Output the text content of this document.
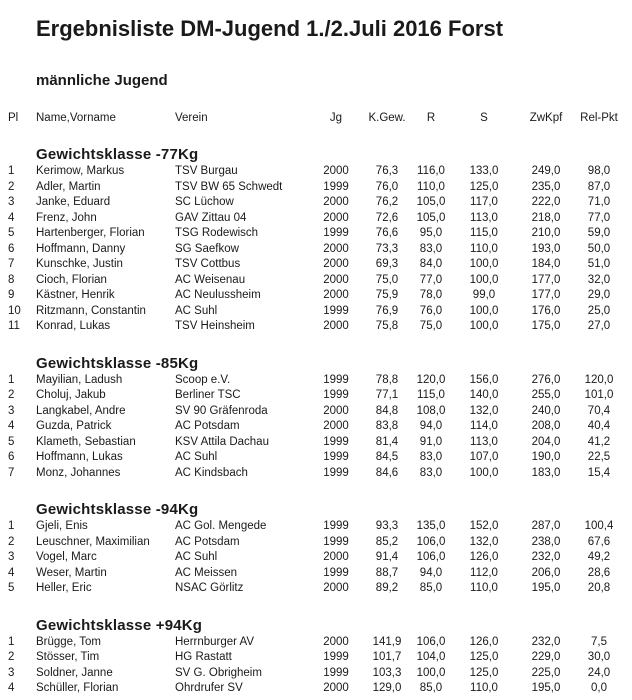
Ergebnisliste DM-Jugend 1./2.Juli 2016 Forst
männliche Jugend
Pl	Name,Vorname	Verein	Jg	K.Gew.	R	S	ZwKpf	Rel-Pkt
Gewichtsklasse -77Kg
1	Kerimow, Markus	TSV Burgau	2000	76,3	116,0	133,0	249,0	98,0
2	Adler, Martin	TSV BW 65 Schwedt	1999	76,0	110,0	125,0	235,0	87,0
3	Janke, Eduard	SC Lüchow	2000	76,2	105,0	117,0	222,0	71,0
4	Frenz, John	GAV Zittau 04	2000	72,6	105,0	113,0	218,0	77,0
5	Hartenberger, Florian	TSG Rodewisch	1999	76,6	95,0	115,0	210,0	59,0
6	Hoffmann, Danny	SG Saefkow	2000	73,3	83,0	110,0	193,0	50,0
7	Kunschke, Justin	TSV Cottbus	2000	69,3	84,0	100,0	184,0	51,0
8	Cioch, Florian	AC Weisenau	2000	75,0	77,0	100,0	177,0	32,0
9	Kästner, Henrik	AC Neulussheim	2000	75,9	78,0	99,0	177,0	29,0
10	Ritzmann, Constantin	AC Suhl	1999	76,9	76,0	100,0	176,0	25,0
11	Konrad, Lukas	TSV Heinsheim	2000	75,8	75,0	100,0	175,0	27,0
Gewichtsklasse -85Kg
1	Mayilian, Ladush	Scoop e.V.	1999	78,8	120,0	156,0	276,0	120,0
2	Choluj, Jakub	Berliner TSC	1999	77,1	115,0	140,0	255,0	101,0
3	Langkabel, Andre	SV 90 Gräfenroda	2000	84,8	108,0	132,0	240,0	70,4
4	Guzda, Patrick	AC Potsdam	2000	83,8	94,0	114,0	208,0	40,4
5	Klameth, Sebastian	KSV Attila Dachau	1999	81,4	91,0	113,0	204,0	41,2
6	Hoffmann, Lukas	AC Suhl	1999	84,5	83,0	107,0	190,0	22,5
7	Monz, Johannes	AC Kindsbach	1999	84,6	83,0	100,0	183,0	15,4
Gewichtsklasse -94Kg
1	Gjeli, Enis	AC Gol. Mengede	1999	93,3	135,0	152,0	287,0	100,4
2	Leuschner, Maximilian	AC Potsdam	1999	85,2	106,0	132,0	238,0	67,6
3	Vogel, Marc	AC Suhl	2000	91,4	106,0	126,0	232,0	49,2
4	Weser, Martin	AC Meissen	1999	88,7	94,0	112,0	206,0	28,6
5	Heller, Eric	NSAC Görlitz	2000	89,2	85,0	110,0	195,0	20,8
Gewichtsklasse +94Kg
1	Brügge, Tom	Herrnburger AV	2000	141,9	106,0	126,0	232,0	7,5
2	Stösser, Tim	HG Rastatt	1999	101,7	104,0	125,0	229,0	30,0
3	Soldner, Janne	SV G. Obrigheim	1999	103,3	100,0	125,0	225,0	24,0
4	Schüller, Florian	Ohrdrufer SV	2000	129,0	85,0	110,0	195,0	0,0
